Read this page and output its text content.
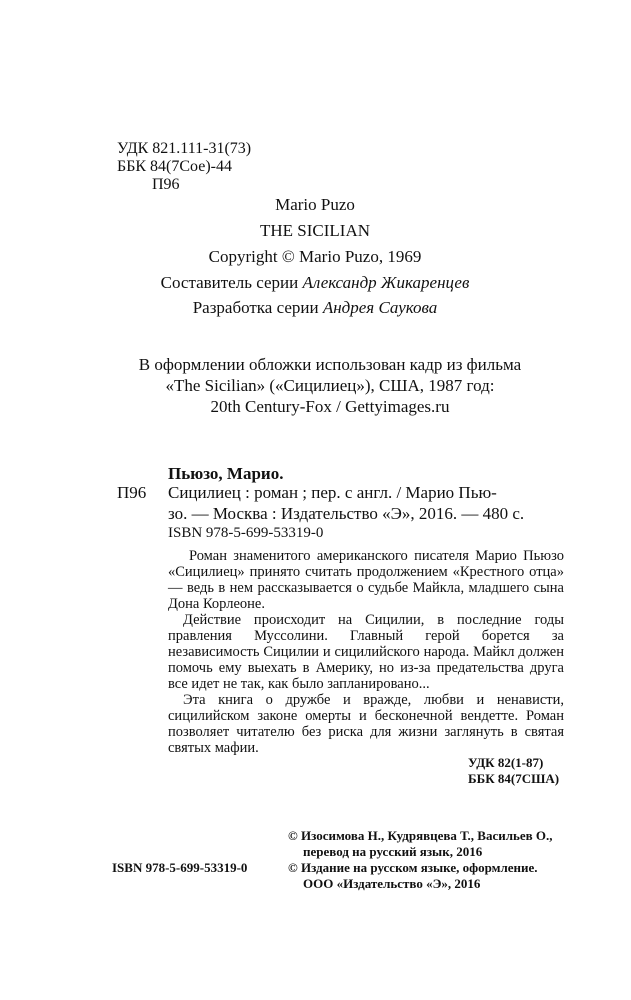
УДК 821.111-31(73)
ББК 84(7Сое)-44
П96
Mario Puzo
THE SICILIAN
Copyright © Mario Puzo, 1969
Составитель серии Александр Жикаренцев
Разработка серии Андрея Саукова
В оформлении обложки использован кадр из фильма
«The Sicilian» («Сицилиец»), США, 1987 год:
20th Century-Fox / Gettyimages.ru
Пьюзо, Марио.
П96 Сицилиец : роман ; пер. с англ. / Марио Пью-
зо. — Москва : Издательство «Э», 2016. — 480 с.
ISBN 978-5-699-53319-0

Роман знаменитого американского писателя Марио Пьюзо «Сицилиец» принято считать продолжением «Крестного отца» — ведь в нем рассказывается о судьбе Майкла, младшего сына Дона Корлеоне.

Действие происходит на Сицилии, в последние годы правления Муссолини. Главный герой борется за независимость Сицилии и сицилийского народа. Майкл должен помочь ему выехать в Америку, но из-за предательства друга все идет не так, как было запланировано...

Эта книга о дружбе и вражде, любви и ненависти, сицилийском законе омерты и бесконечной вендетте. Роман позволяет читателю без риска для жизни заглянуть в святая святых мафии.

УДК 82(1-87)
ББК 84(7США)
© Изосимова Н., Кудрявцева Т., Васильев О.,
перевод на русский язык, 2016
© Издание на русском языке, оформление.
ООО «Издательство «Э», 2016
ISBN 978-5-699-53319-0
